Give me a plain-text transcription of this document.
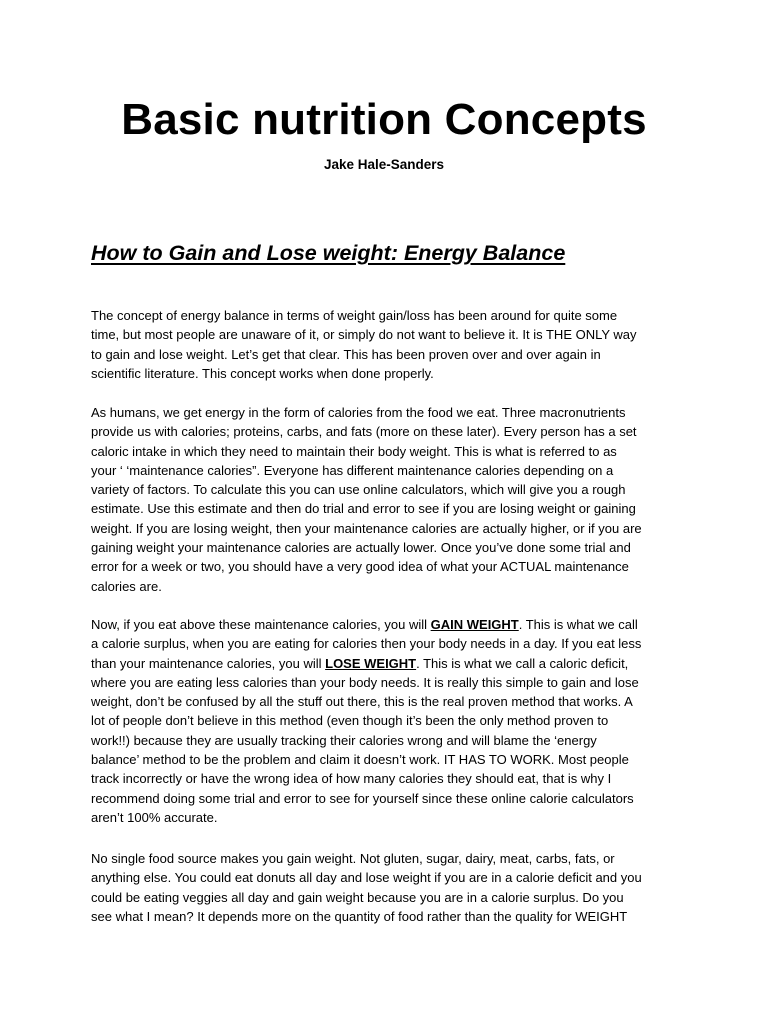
Basic nutrition Concepts

Jake Hale-Sanders

How to Gain and Lose weight: Energy Balance

The concept of energy balance in terms of weight gain/loss has been around for quite some
time, but most people are unaware of it, or simply do not want to believe it. It is THE ONLY way
to gain and lose weight. Let’s get that clear. This has been proven over and over again in
scientific literature. This concept works when done properly.

As humans, we get energy in the form of calories from the food we eat. Three macronutrients
provide us with calories; proteins, carbs, and fats (more on these later). Every person has a set
caloric intake in which they need to maintain their body weight. This is what is referred to as
your ‘ ‘maintenance calories”. Everyone has different maintenance calories depending on a
variety of factors. To calculate this you can use online calculators, which will give you a rough
estimate. Use this estimate and then do trial and error to see if you are losing weight or gaining
weight. If you are losing weight, then your maintenance calories are actually higher, or if you are
gaining weight your maintenance calories are actually lower. Once you’ve done some trial and
error for a week or two, you should have a very good idea of what your ACTUAL maintenance
calories are.

Now, if you eat above these maintenance calories, you will GAIN WEIGHT. This is what we call
a calorie surplus, when you are eating for calories then your body needs in a day. If you eat less
than your maintenance calories, you will LOSE WEIGHT. This is what we call a caloric deficit,
where you are eating less calories than your body needs. It is really this simple to gain and lose
weight, don’t be confused by all the stuff out there, this is the real proven method that works. A
lot of people don’t believe in this method (even though it’s been the only method proven to
work!!) because they are usually tracking their calories wrong and will blame the ‘energy
balance’ method to be the problem and claim it doesn’t work. IT HAS TO WORK. Most people
track incorrectly or have the wrong idea of how many calories they should eat, that is why I
recommend doing some trial and error to see for yourself since these online calorie calculators
aren’t 100% accurate.

No single food source makes you gain weight. Not gluten, sugar, dairy, meat, carbs, fats, or
anything else. You could eat donuts all day and lose weight if you are in a calorie deficit and you
could be eating veggies all day and gain weight because you are in a calorie surplus. Do you
see what I mean? It depends more on the quantity of food rather than the quality for WEIGHT
